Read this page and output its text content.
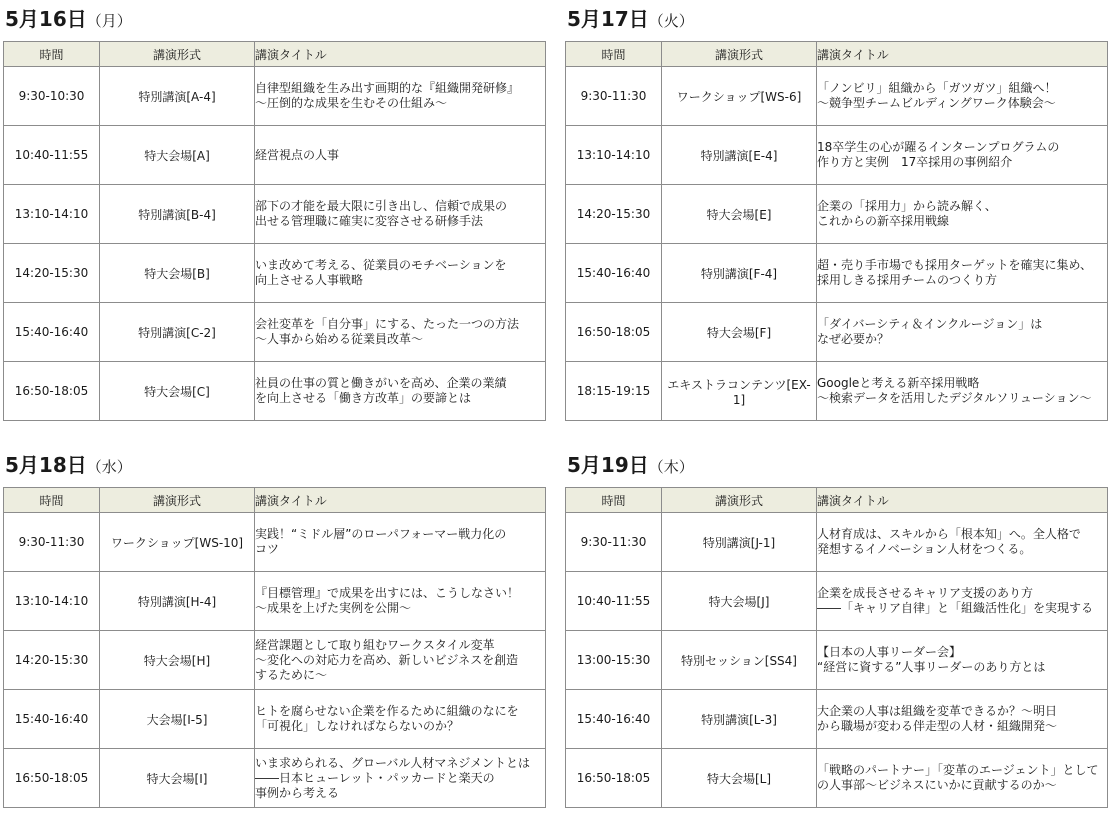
5月16日（月）
時間	講演形式	講演タイトル
9:30-10:30	特別講演[A-4]	自律型組織を生み出す画期的な『組織開発研修』
～圧倒的な成果を生むその仕組み～

10:40-11:55	特大会場[A]	経営視点の人事

13:10-14:10	特別講演[B-4]	部下の才能を最大限に引き出し、信頼で成果の
出せる管理職に確実に変容させる研修手法

14:20-15:30	特大会場[B]	いま改めて考える、従業員のモチベーションを
向上させる人事戦略

15:40-16:40	特別講演[C-2]	会社変革を「自分事」にする、たった一つの方法
～人事から始める従業員改革～

16:50-18:05	特大会場[C]	社員の仕事の質と働きがいを高め、企業の業績
を向上させる「働き方改革」の要諦とは
5月17日（火）
時間	講演形式	講演タイトル
9:30-11:30	ワークショップ[WS-6]	「ノンビリ」組織から「ガツガツ」組織へ！
～競争型チームビルディングワーク体験会～

13:10-14:10	特別講演[E-4]	18卒学生の心が躍るインターンプログラムの
作り方と実例　17卒採用の事例紹介

14:20-15:30	特大会場[E]	企業の「採用力」から読み解く、
これからの新卒採用戦線

15:40-16:40	特別講演[F-4]	超・売り手市場でも採用ターゲットを確実に集め、
採用しきる採用チームのつくり方

16:50-18:05	特大会場[F]	「ダイバーシティ＆インクルージョン」は
なぜ必要か？

18:15-19:15	エキストラコンテンツ[EX-1]	Googleと考える新卒採用戦略
～検索データを活用したデジタルソリューション～
5月18日（水）
時間	講演形式	講演タイトル
9:30-11:30	ワークショップ[WS-10]	実践！“ミドル層”のローパフォーマー戦力化の
コツ

13:10-14:10	特別講演[H-4]	『目標管理』で成果を出すには、こうしなさい！
～成果を上げた実例を公開～

14:20-15:30	特大会場[H]	経営課題として取り組むワークスタイル変革
～変化への対応力を高め、新しいビジネスを創造
するために～

15:40-16:40	大会場[I-5]	ヒトを腐らせない企業を作るために組織のなにを
「可視化」しなければならないのか？

16:50-18:05	特大会場[I]	いま求められる、グローバル人材マネジメントとは
――日本ヒューレット・パッカードと楽天の
事例から考える
5月19日（木）
時間	講演形式	講演タイトル
9:30-11:30	特別講演[J-1]	人材育成は、スキルから「根本知」へ。全人格で
発想するイノベーション人材をつくる。

10:40-11:55	特大会場[J]	企業を成長させるキャリア支援のあり方
――「キャリア自律」と「組織活性化」を実現する

13:00-15:30	特別セッション[SS4]	【日本の人事リーダー会】
“経営に資する”人事リーダーのあり方とは

15:40-16:40	特別講演[L-3]	大企業の人事は組織を変革できるか？～明日
から職場が変わる伴走型の人材・組織開発～

16:50-18:05	特大会場[L]	「戦略のパートナー」「変革のエージェント」として
の人事部～ビジネスにいかに貢献するのか～
